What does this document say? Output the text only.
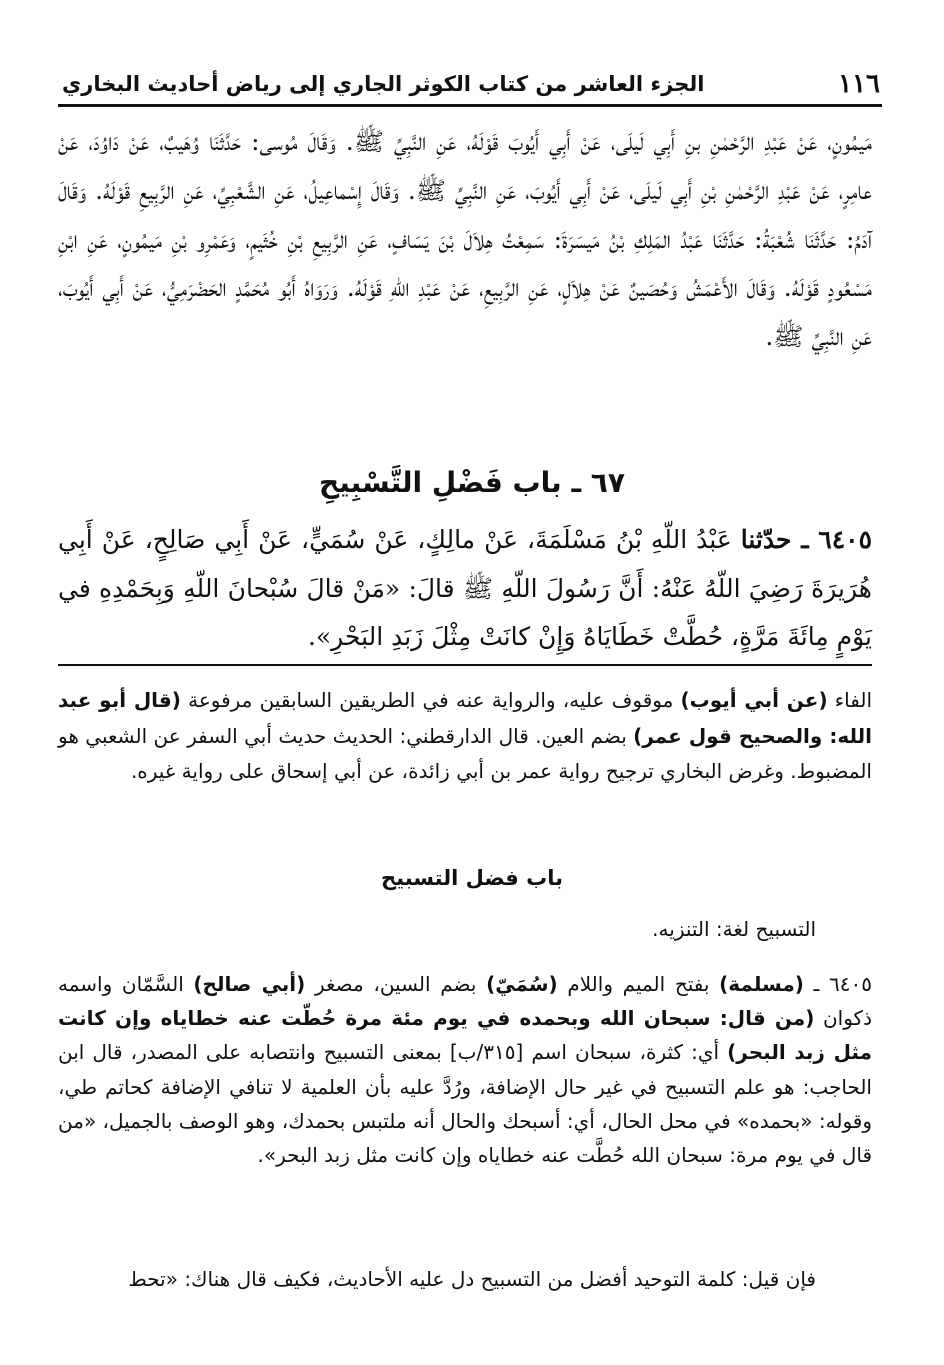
١١٦
الجزء العاشر من كتاب الكوثر الجاري إلى رياض أحاديث البخاري

مَيمُونٍ، عَنْ عَبْدِ الرَّحْمٰنِ بنِ أَبِي لَيلَى، عَنْ أَبِي أَيُوبَ قَوْلَهُ، عَنِ النَّبِيِّ ﷺ. وَقَالَ مُوسى: حَدَّثَنَا وُهَيبٌ، عَنْ دَاوُدَ، عَنْ عامِرٍ، عَنْ عَبْدِ الرَّحْمٰنِ بْنِ أَبِي لَيلَى، عَنْ أَبِي أَيُوبَ، عَنِ النَّبِيِّ ﷺ. وَقَالَ إِسْماعِيلُ، عَنِ الشَّعْبِيِّ، عَنِ الرَّبِيعِ قَوْلَهُ. وَقَالَ آدَمُ: حَدَّثَنَا شُعْبَةُ: حَدَّثَنَا عَبْدُ المَلِكِ بْنُ مَيسَرَةَ: سَمِعْتُ هِلاَلَ بْنَ يَسَافٍ، عَنِ الرَّبِيعِ بْنِ خُثَيمٍ، وَعَمْرِو بْنِ مَيمُونٍ، عَنِ ابْنِ مَسْعُودٍ قَوْلَهُ. وَقَالَ الأَعْمَشُ وَحُصَينٌ عَنْ هِلاَلٍ، عَنِ الرَّبِيعِ، عَنْ عَبْدِ اللّهِ قَوْلَهُ. وَرَوَاهُ أَبُو مُحَمَّدٍ الحَضْرَمِيُّ، عَنْ أَبِي أَيُوبَ، عَنِ النَّبِيِّ ﷺ.

٦٧ ـ باب فَضْلِ التَّسْبِيحِ

٦٤٠٥ ـ حدّثنا عَبْدُ اللّهِ بْنُ مَسْلَمَةَ، عَنْ مالِكٍ، عَنْ سُمَيٍّ، عَنْ أَبِي صَالِحٍ، عَنْ أَبِي هُرَيرَةَ رَضِيَ اللّهُ عَنْهُ: أَنَّ رَسُولَ اللّهِ ﷺ قالَ: «مَنْ قالَ سُبْحانَ اللّهِ وَبِحَمْدِهِ في يَوْمٍ مِائَةَ مَرَّةٍ، حُطَّتْ خَطَايَاهُ وَإِنْ كانَتْ مِثْلَ زَبَدِ البَحْرِ».

الفاء (عن أبي أيوب) موقوف عليه، والرواية عنه في الطريقين السابقين مرفوعة (قال أبو عبد الله: والصحيح قول عمر) بضم العين. قال الدارقطني: الحديث حديث أبي السفر عن الشعبي هو المضبوط. وغرض البخاري ترجيح رواية عمر بن أبي زائدة، عن أبي إسحاق على رواية غيره.

باب فضل التسبيح
التسبيح لغة: التنزيه.

٦٤٠٥ ـ (مسلمة) بفتح الميم واللام (سُمَيّ) بضم السين، مصغر (أبي صالح) السَّمّان واسمه ذكوان (من قال: سبحان الله وبحمده في يوم مئة مرة حُطّت عنه خطاياه وإن كانت مثل زبد البحر) أي: كثرة، سبحان اسم [٣١٥/ب] بمعنى التسبيح وانتصابه على المصدر، قال ابن الحاجب: هو علم التسبيح في غير حال الإضافة، ورُدَّ عليه بأن العلمية لا تنافي الإضافة كحاتم طي، وقوله: «بحمده» في محل الحال، أي: أسبحك والحال أنه ملتبس بحمدك، وهو الوصف بالجميل، «من قال في يوم مرة: سبحان الله حُطَّت عنه خطاياه وإن كانت مثل زبد البحر».

فإن قيل: كلمة التوحيد أفضل من التسبيح دل عليه الأحاديث، فكيف قال هناك: «تحط
